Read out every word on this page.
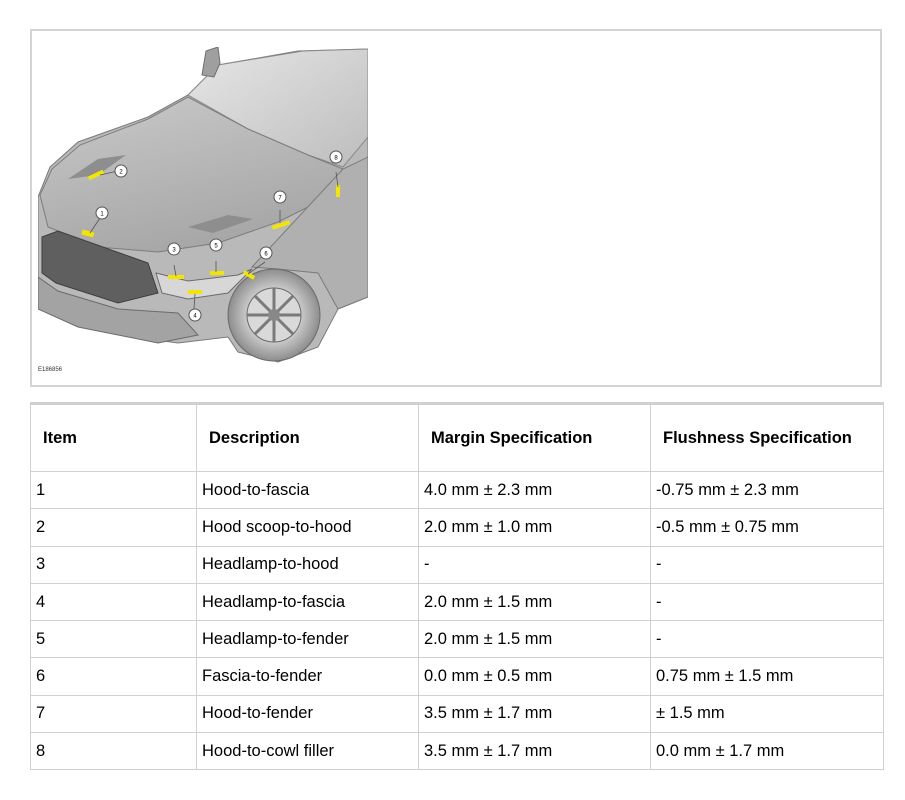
1
2
3
4
5
6
7
8
E186856
Item	Description	Margin Specification	Flushness Specification
1	Hood-to-fascia	4.0 mm ± 2.3 mm	-0.75 mm ± 2.3 mm
2	Hood scoop-to-hood	2.0 mm ± 1.0 mm	-0.5 mm ± 0.75 mm
3	Headlamp-to-hood	-	-
4	Headlamp-to-fascia	2.0 mm ± 1.5 mm	-
5	Headlamp-to-fender	2.0 mm ± 1.5 mm	-
6	Fascia-to-fender	0.0 mm ± 0.5 mm	0.75 mm ± 1.5 mm
7	Hood-to-fender	3.5 mm ± 1.7 mm	± 1.5 mm
8	Hood-to-cowl filler	3.5 mm ± 1.7 mm	0.0 mm ± 1.7 mm
